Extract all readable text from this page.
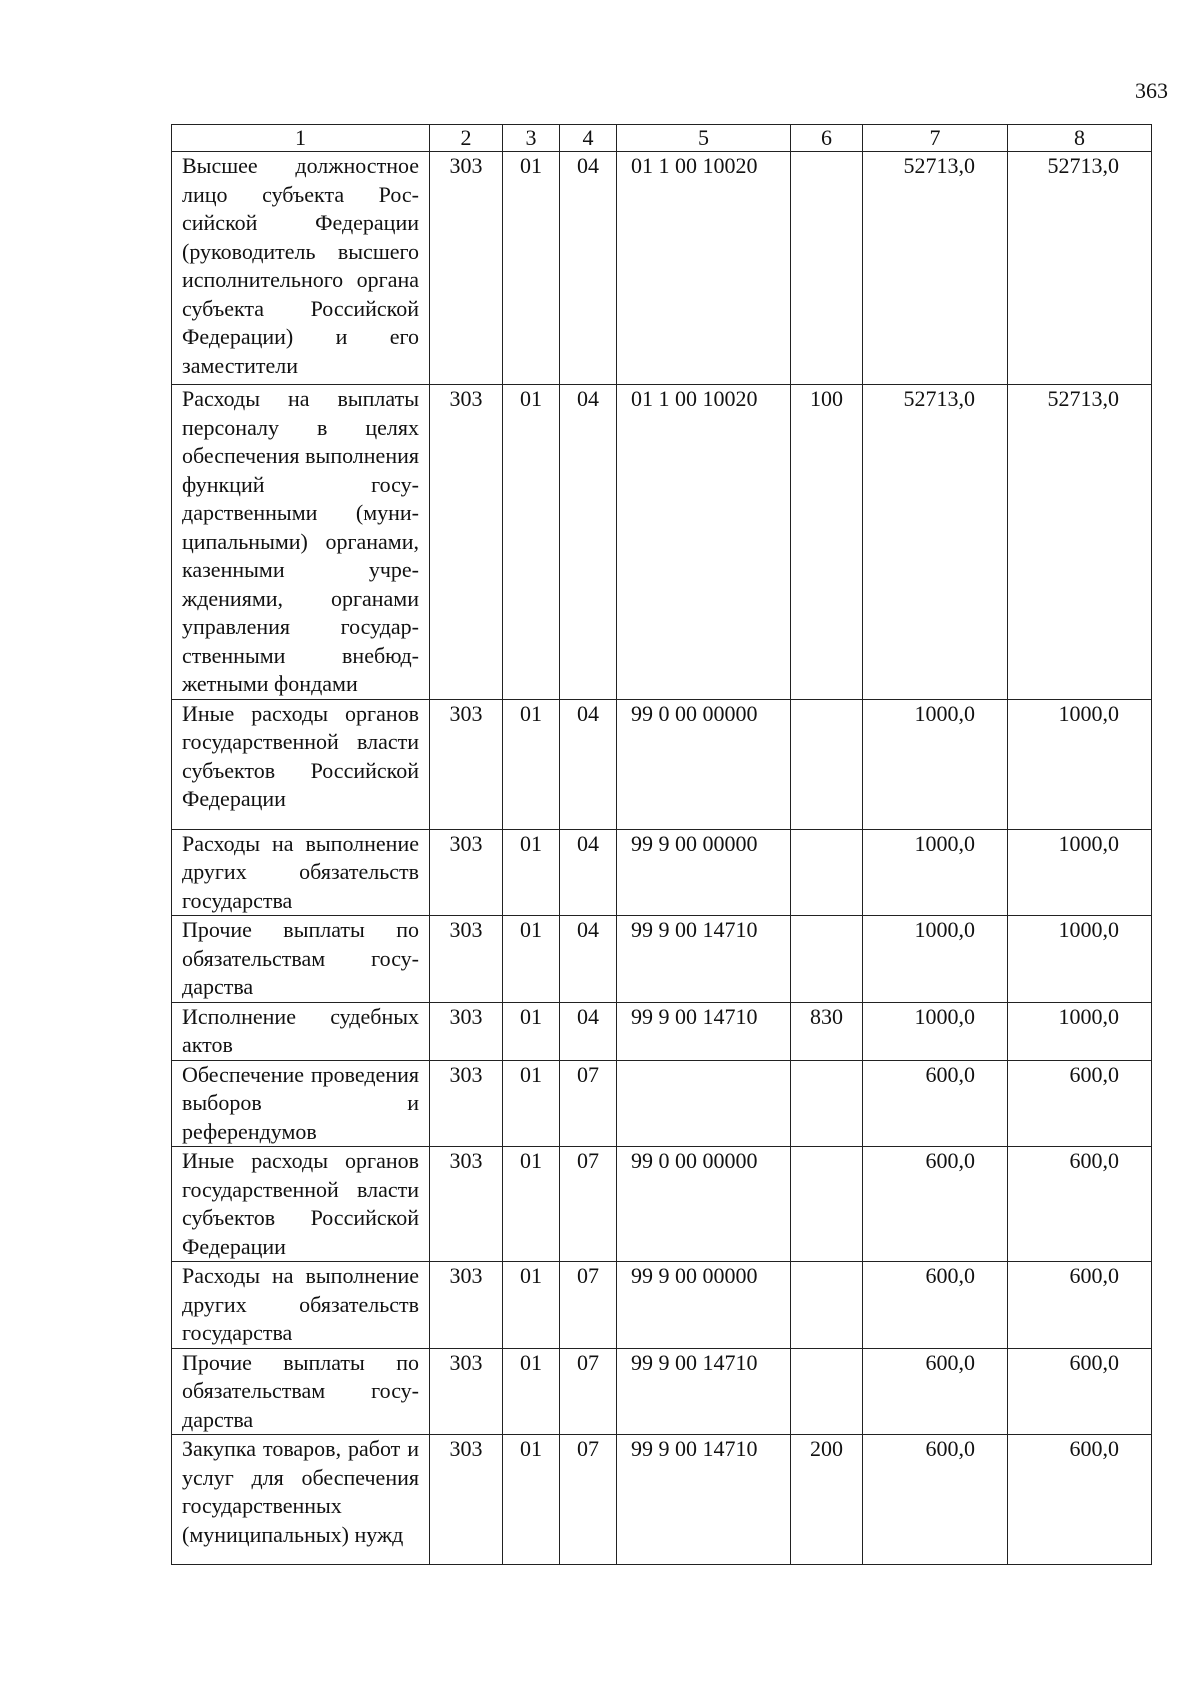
363
1	2	3	4	5	6	7	8
Высшее должностное лицо субъекта Российской Федерации (руководитель высшего исполнительного органа субъекта Российской Федерации) и его заместители	303	01	04	01 1 00 10020		52713,0	52713,0
Расходы на выплаты персоналу в целях обеспечения выполнения функций государственными (муниципальными) органами, казенными учреждениями, органами управления государственными внебюджетными фондами	303	01	04	01 1 00 10020	100	52713,0	52713,0
Иные расходы органов государственной власти субъектов Российской Федерации	303	01	04	99 0 00 00000		1000,0	1000,0
Расходы на выполнение других обязательств государства	303	01	04	99 9 00 00000		1000,0	1000,0
Прочие выплаты по обязательствам государства	303	01	04	99 9 00 14710		1000,0	1000,0
Исполнение судебных актов	303	01	04	99 9 00 14710	830	1000,0	1000,0
Обеспечение проведения выборов и референдумов	303	01	07			600,0	600,0
Иные расходы органов государственной власти субъектов Российской Федерации	303	01	07	99 0 00 00000		600,0	600,0
Расходы на выполнение других обязательств государства	303	01	07	99 9 00 00000		600,0	600,0
Прочие выплаты по обязательствам государства	303	01	07	99 9 00 14710		600,0	600,0
Закупка товаров, работ и услуг для обеспечения государственных (муниципальных) нужд	303	01	07	99 9 00 14710	200	600,0	600,0
